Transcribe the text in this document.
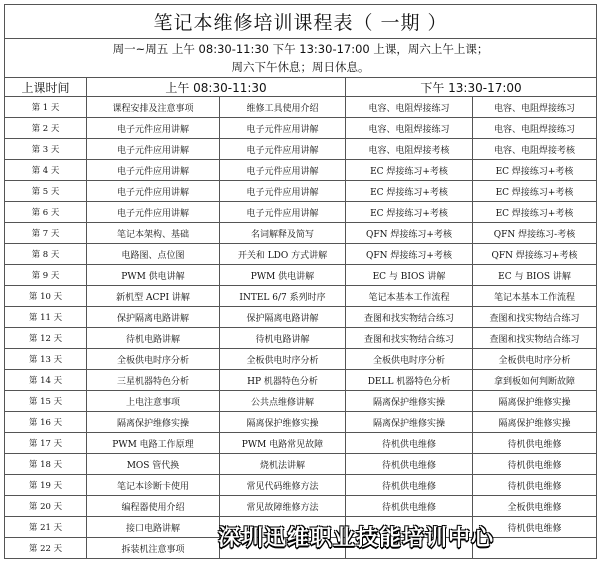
笔记本维修培训课程表（ 一期 ）				

周一~周五 上午 08:30-11:30 下午 13:30-17:00 上课，周六上午上课；
周六下午休息；周日休息。				

上课时间	上午 08:30-11:30		下午 13:30-17:00	
第 1 天	课程安排及注意事项	维修工具使用介绍	电容、电阻焊接练习	电容、电阻焊接练习
第 2 天	电子元件应用讲解	电子元件应用讲解	电容、电阻焊接练习	电容、电阻焊接练习
第 3 天	电子元件应用讲解	电子元件应用讲解	电容、电阻焊接考核	电容、电阻焊接考核
第 4 天	电子元件应用讲解	电子元件应用讲解	EC 焊接练习+考核	EC 焊接练习+考核
第 5 天	电子元件应用讲解	电子元件应用讲解	EC 焊接练习+考核	EC 焊接练习+考核
第 6 天	电子元件应用讲解	电子元件应用讲解	EC 焊接练习+考核	EC 焊接练习+考核
第 7 天	笔记本架构、基础	名词解释及简写	QFN 焊接练习+考核	QFN 焊接练习-考核
第 8 天	电路图、点位图	开关和 LDO 方式讲解	QFN 焊接练习+考核	QFN 焊接练习+考核
第 9 天	PWM 供电讲解	PWM 供电讲解	EC 与 BIOS 讲解	EC 与 BIOS 讲解
第 10 天	新机型 ACPI 讲解	INTEL 6/7 系列时序	笔记本基本工作流程	笔记本基本工作流程
第 11 天	保护隔离电路讲解	保护隔离电路讲解	查图和找实物结合练习	查图和找实物结合练习
第 12 天	待机电路讲解	待机电路讲解	查图和找实物结合练习	查图和找实物结合练习
第 13 天	全板供电时序分析	全板供电时序分析	全板供电时序分析	全板供电时序分析
第 14 天	三星机器特色分析	HP 机器特色分析	DELL 机器特色分析	拿到板如何判断故障
第 15 天	上电注意事项	公共点维修讲解	隔离保护维修实操	隔离保护维修实操
第 16 天	隔离保护维修实操	隔离保护维修实操	隔离保护维修实操	隔离保护维修实操
第 17 天	PWM 电路工作原理	PWM 电路常见故障	待机供电维修	待机供电维修
第 18 天	MOS 管代换	烧机法讲解	待机供电维修	待机供电维修
第 19 天	笔记本诊断卡使用	常见代码维修方法	待机供电维修	待机供电维修
第 20 天	编程器使用介绍	常见故障维修方法	待机供电维修	全板供电维修
第 21 天	接口电路讲解			待机供电维修
第 22 天	拆装机注意事项			深圳迅维职业技能培训中心
